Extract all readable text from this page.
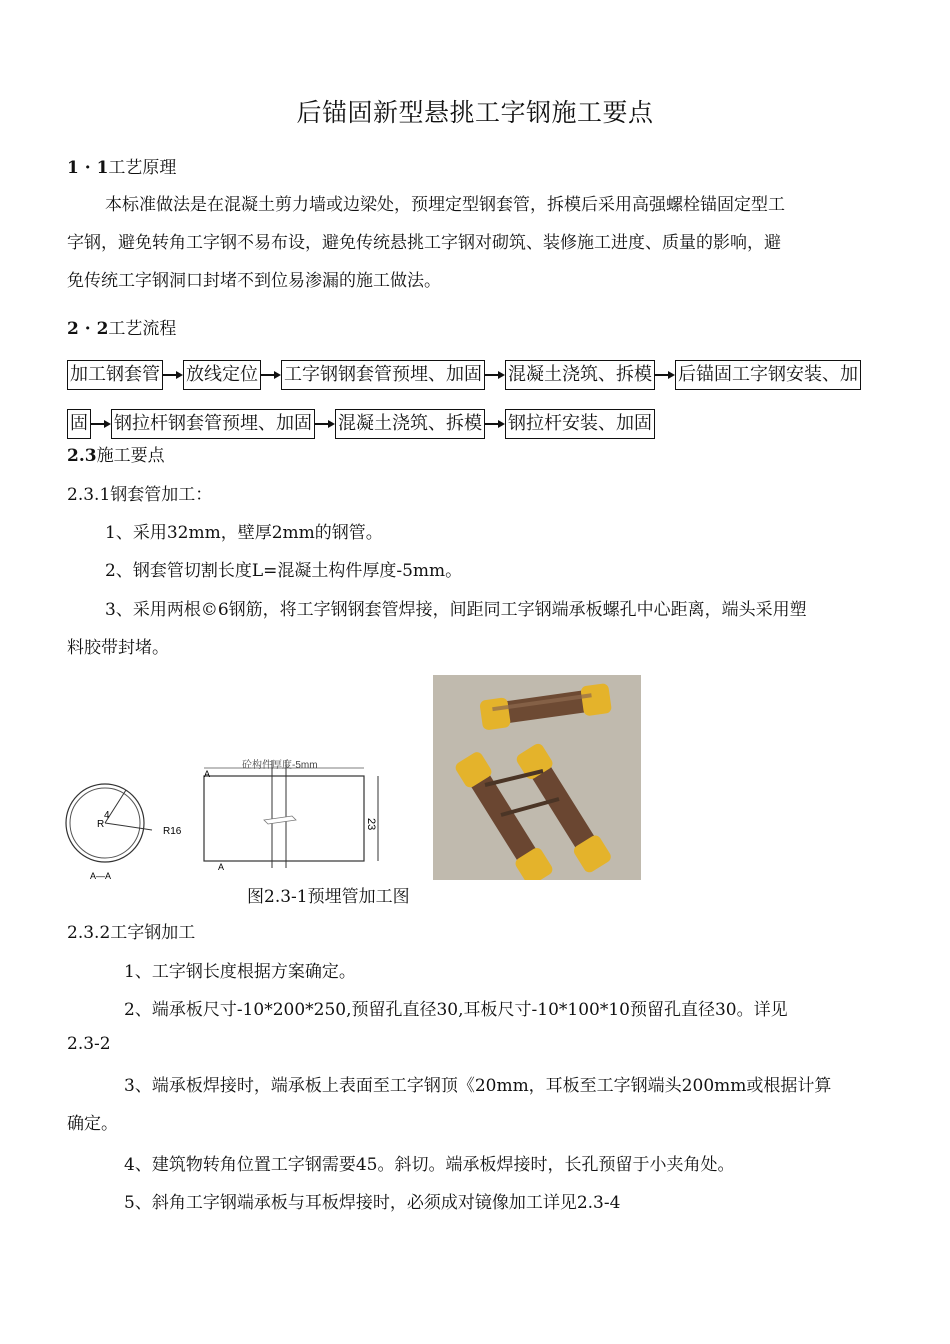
后锚固新型悬挑工字钢施工要点
1 · 1工艺原理
本标准做法是在混凝土剪力墙或边梁处，预埋定型钢套管，拆模后采用高强螺栓锚固定型工
字钢，避免转角工字钢不易布设，避免传统悬挑工字钢对砌筑、装修施工进度、质量的影响，避
免传统工字钢洞口封堵不到位易渗漏的施工做法。
2 · 2工艺流程
加工钢套管 放线定位 工字钢钢套管预埋、加固 混凝土浇筑、拆模 后锚固工字钢安装、加
固 钢拉杆钢套管预埋、加固 混凝土浇筑、拆模 钢拉杆安装、加固
2.3施工要点
2.3.1钢套管加工：
1、采用32mm，壁厚2mm的钢管。
2、钢套管切割长度L=混凝土构件厚度-5mm。
3、采用两根©6钢筋，将工字钢钢套管焊接，间距同工字钢端承板螺孔中心距离，端头采用塑
料胶带封堵。
R
4
R16
A—A
砼构件厚度-5mm
A
A
23
图2.3-1预埋管加工图
2.3.2工字钢加工
1、工字钢长度根据方案确定。
2、端承板尺寸-10*200*250,预留孔直径30,耳板尺寸-10*100*10预留孔直径30。详见
2.3-2
3、端承板焊接时，端承板上表面至工字钢顶《20mm，耳板至工字钢端头200mm或根据计算
确定。
4、建筑物转角位置工字钢需要45。斜切。端承板焊接时，长孔预留于小夹角处。
5、斜角工字钢端承板与耳板焊接时，必须成对镜像加工详见2.3-4
